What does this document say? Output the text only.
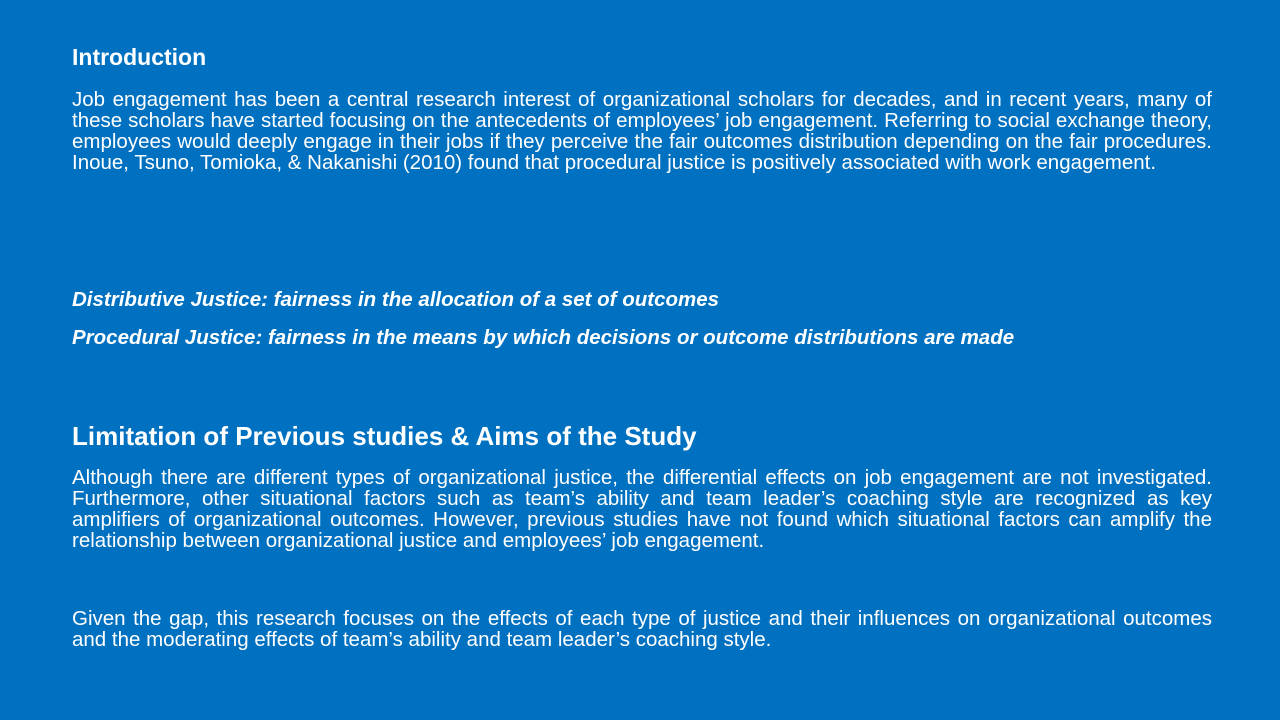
Introduction

Job engagement has been a central research interest of organizational scholars for decades, and in recent years, many of these scholars have started focusing on the antecedents of employees’ job engagement. Referring to social exchange theory, employees would deeply engage in their jobs if they perceive the fair outcomes distribution depending on the fair procedures. Inoue, Tsuno, Tomioka, & Nakanishi (2010) found that procedural justice is positively associated with work engagement.

Distributive Justice: fairness in the allocation of a set of outcomes

Procedural Justice: fairness in the means by which decisions or outcome distributions are made

Limitation of Previous studies & Aims of the Study

Although there are different types of organizational justice, the differential effects on job engagement are not investigated. Furthermore, other situational factors such as team’s ability and team leader’s coaching style are recognized as key amplifiers of organizational outcomes. However, previous studies have not found which situational factors can amplify the relationship between organizational justice and employees’ job engagement.

Given the gap, this research focuses on the effects of each type of justice and their influences on organizational outcomes and the moderating effects of team’s ability and team leader’s coaching style.
